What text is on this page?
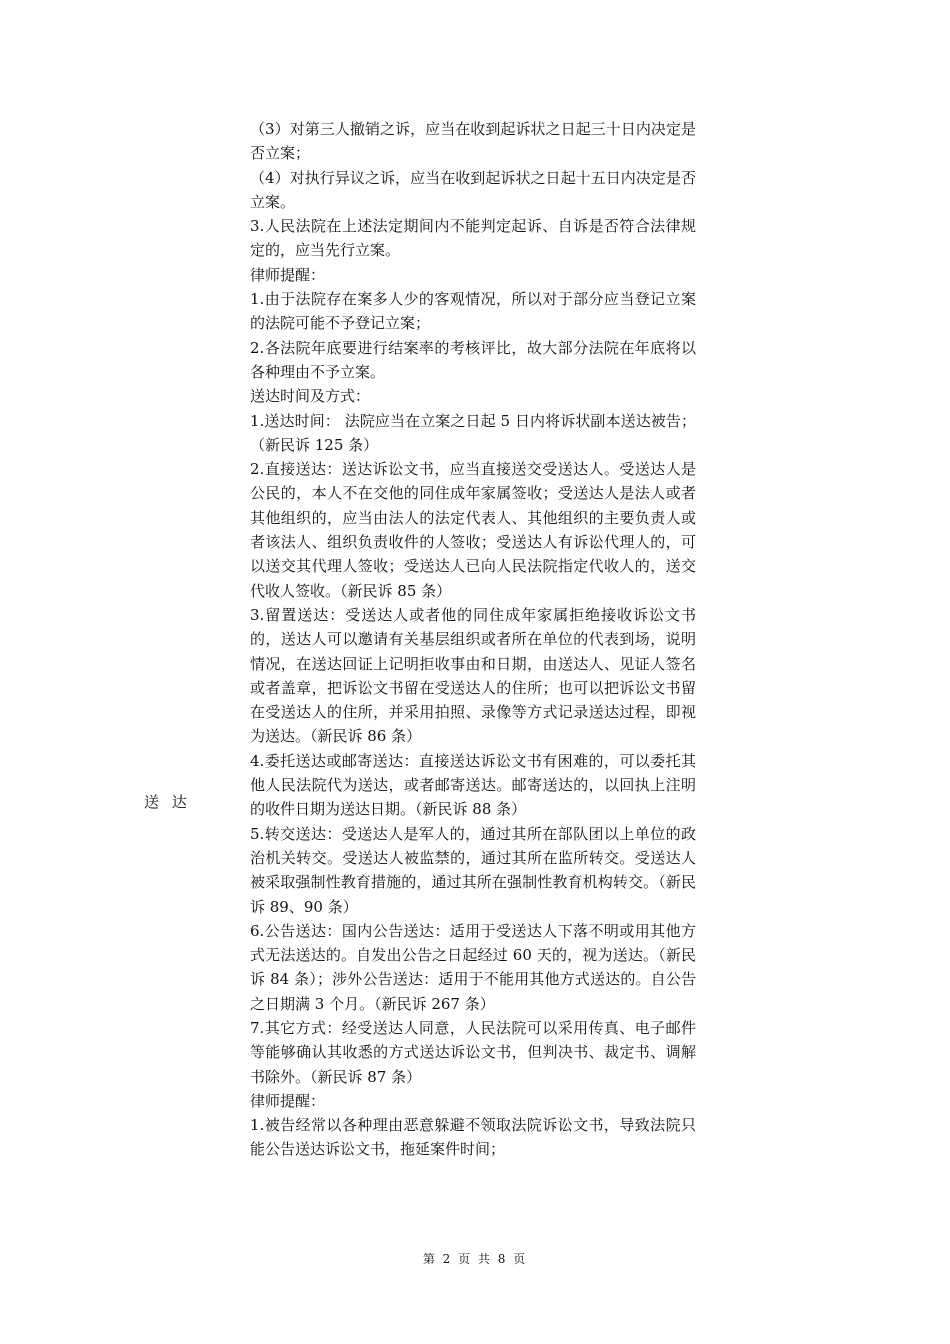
送 达

（3）对第三人撤销之诉，应当在收到起诉状之日起三十日内决定是否立案；

（4）对执行异议之诉，应当在收到起诉状之日起十五日内决定是否立案。

3.人民法院在上述法定期间内不能判定起诉、自诉是否符合法律规定的，应当先行立案。

律师提醒：

1.由于法院存在案多人少的客观情况，所以对于部分应当登记立案的法院可能不予登记立案；

2.各法院年底要进行结案率的考核评比，故大部分法院在年底将以各种理由不予立案。

送达时间及方式：

1.送达时间： 法院应当在立案之日起 5 日内将诉状副本送达被告；（新民诉 125 条）

2.直接送达：送达诉讼文书，应当直接送交受送达人。受送达人是公民的，本人不在交他的同住成年家属签收；受送达人是法人或者其他组织的，应当由法人的法定代表人、其他组织的主要负责人或者该法人、组织负责收件的人签收；受送达人有诉讼代理人的，可以送交其代理人签收；受送达人已向人民法院指定代收人的，送交代收人签收。（新民诉 85 条）

3.留置送达：受送达人或者他的同住成年家属拒绝接收诉讼文书的，送达人可以邀请有关基层组织或者所在单位的代表到场，说明情况，在送达回证上记明拒收事由和日期，由送达人、见证人签名或者盖章，把诉讼文书留在受送达人的住所；也可以把诉讼文书留在受送达人的住所，并采用拍照、录像等方式记录送达过程，即视为送达。（新民诉 86 条）

4.委托送达或邮寄送达：直接送达诉讼文书有困难的，可以委托其他人民法院代为送达，或者邮寄送达。邮寄送达的，以回执上注明的收件日期为送达日期。（新民诉 88 条）

5.转交送达：受送达人是军人的，通过其所在部队团以上单位的政治机关转交。受送达人被监禁的，通过其所在监所转交。受送达人被采取强制性教育措施的，通过其所在强制性教育机构转交。（新民诉 89、90 条）

6.公告送达：国内公告送达：适用于受送达人下落不明或用其他方式无法送达的。自发出公告之日起经过 60 天的，视为送达。（新民诉 84 条）；涉外公告送达：适用于不能用其他方式送达的。自公告之日期满 3 个月。（新民诉 267 条）

7.其它方式：经受送达人同意，人民法院可以采用传真、电子邮件等能够确认其收悉的方式送达诉讼文书，但判决书、裁定书、调解书除外。（新民诉 87 条）

律师提醒：

1.被告经常以各种理由恶意躲避不领取法院诉讼文书，导致法院只能公告送达诉讼文书，拖延案件时间；

第 2 页 共 8 页
